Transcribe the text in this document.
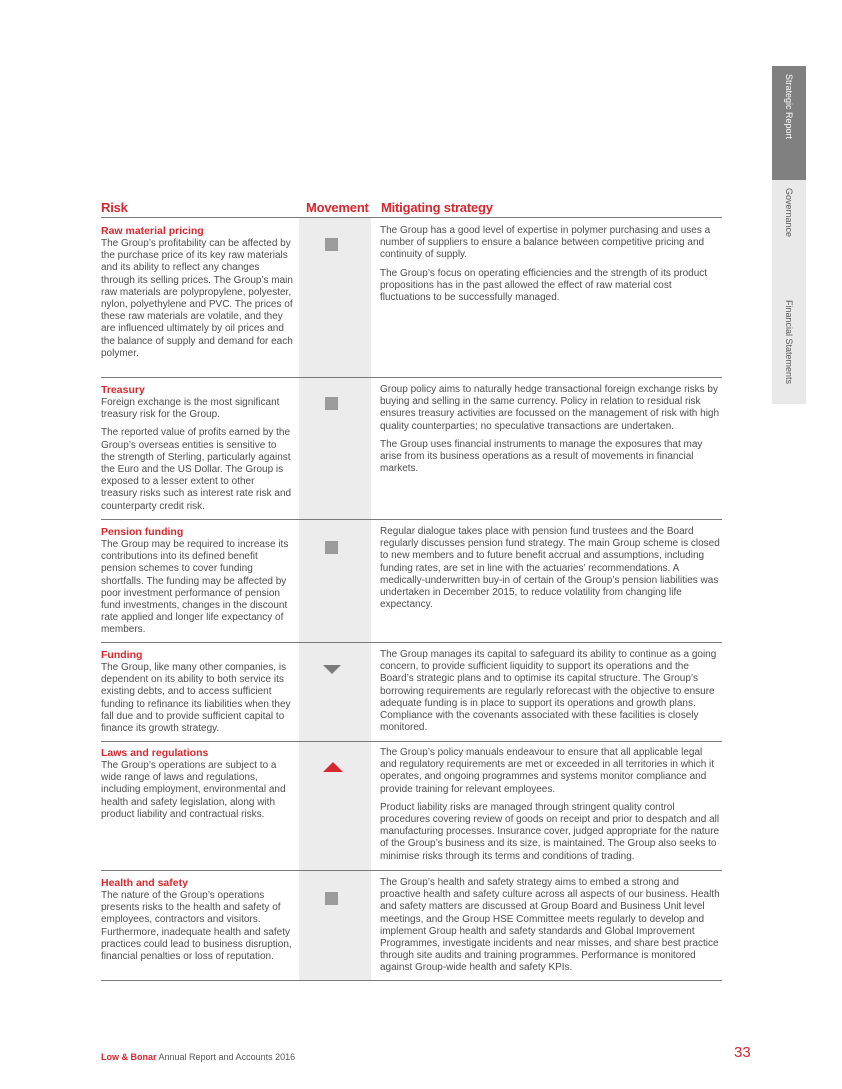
Strategic Report
Governance
Financial Statements
Risk	Movement Mitigating strategy
Raw material pricing

The Group’s profitability can be affected by the purchase price of its key raw materials and its ability to reflect any changes through its selling prices. The Group’s main raw materials are polypropylene, polyester, nylon, polyethylene and PVC. The prices of these raw materials are volatile, and they are influenced ultimately by oil prices and the balance of supply and demand for each polymer.

The Group has a good level of expertise in polymer purchasing and uses a number of suppliers to ensure a balance between competitive pricing and continuity of supply.

The Group’s focus on operating efficiencies and the strength of its product propositions has in the past allowed the effect of raw material cost fluctuations to be successfully managed.

Treasury

Foreign exchange is the most significant treasury risk for the Group.

The reported value of profits earned by the Group’s overseas entities is sensitive to the strength of Sterling, particularly against the Euro and the US Dollar. The Group is exposed to a lesser extent to other treasury risks such as interest rate risk and counterparty credit risk.

Group policy aims to naturally hedge transactional foreign exchange risks by buying and selling in the same currency. Policy in relation to residual risk ensures treasury activities are focussed on the management of risk with high quality counterparties; no speculative transactions are undertaken.

The Group uses financial instruments to manage the exposures that may arise from its business operations as a result of movements in financial markets.

Pension funding

The Group may be required to increase its contributions into its defined benefit pension schemes to cover funding shortfalls. The funding may be affected by poor investment performance of pension fund investments, changes in the discount rate applied and longer life expectancy of members.

Regular dialogue takes place with pension fund trustees and the Board regularly discusses pension fund strategy. The main Group scheme is closed to new members and to future benefit accrual and assumptions, including funding rates, are set in line with the actuaries’ recommendations. A medically-underwritten buy-in of certain of the Group’s pension liabilities was undertaken in December 2015, to reduce volatility from changing life expectancy.

Funding

The Group, like many other companies, is dependent on its ability to both service its existing debts, and to access sufficient funding to refinance its liabilities when they fall due and to provide sufficient capital to finance its growth strategy.

The Group manages its capital to safeguard its ability to continue as a going concern, to provide sufficient liquidity to support its operations and the Board’s strategic plans and to optimise its capital structure. The Group’s borrowing requirements are regularly reforecast with the objective to ensure adequate funding is in place to support its operations and growth plans. Compliance with the covenants associated with these facilities is closely monitored.

Laws and regulations

The Group’s operations are subject to a wide range of laws and regulations, including employment, environmental and health and safety legislation, along with product liability and contractual risks.

The Group’s policy manuals endeavour to ensure that all applicable legal and regulatory requirements are met or exceeded in all territories in which it operates, and ongoing programmes and systems monitor compliance and provide training for relevant employees.

Product liability risks are managed through stringent quality control procedures covering review of goods on receipt and prior to despatch and all manufacturing processes. Insurance cover, judged appropriate for the nature of the Group’s business and its size, is maintained. The Group also seeks to minimise risks through its terms and conditions of trading.

Health and safety

The nature of the Group’s operations presents risks to the health and safety of employees, contractors and visitors. Furthermore, inadequate health and safety practices could lead to business disruption, financial penalties or loss of reputation.

The Group’s health and safety strategy aims to embed a strong and proactive health and safety culture across all aspects of our business. Health and safety matters are discussed at Group Board and Business Unit level meetings, and the Group HSE Committee meets regularly to develop and implement Group health and safety standards and Global Improvement Programmes, investigate incidents and near misses, and share best practice through site audits and training programmes. Performance is monitored against Group-wide health and safety KPIs.

Low & Bonar Annual Report and Accounts 2016	33
